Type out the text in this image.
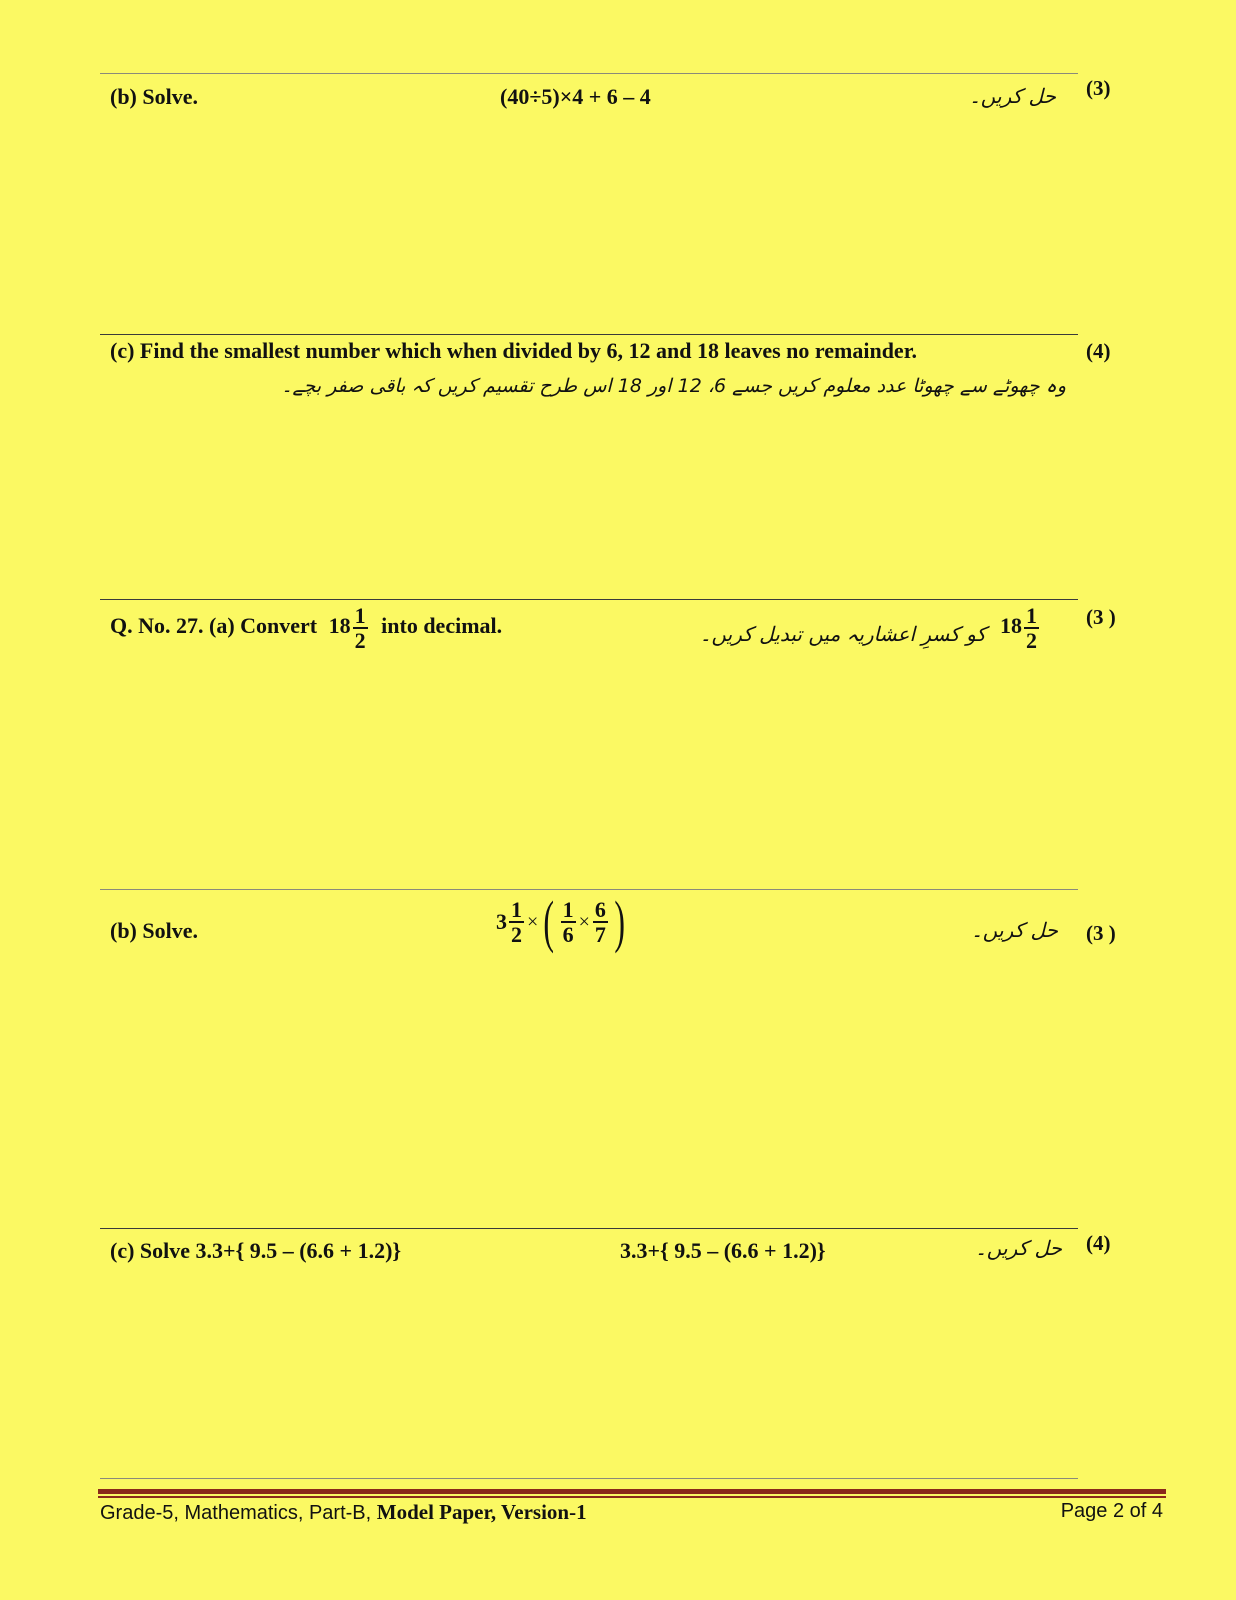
(b) Solve.	(40÷5)×4 + 6 – 4	حل کریں۔ (3)
(c) Find the smallest number which when divided by 6, 12 and 18 leaves no remainder.
وہ چھوٹے سے چھوٹا عدد معلوم کریں جسے 6، 12 اور 18 اس طرح تقسیم کریں کہ باقی صفر بچے۔
(4)
Q. No. 27. (a) Convert $18 \frac{1}{2}$ into decimal.	$18 \frac{1}{2}$
کو کسرِ اعشاریہ میں تبدیل کریں۔
(3 )
(b) Solve.	$3 \frac{1}{2}$ ×( $\frac{1}{6} \times \frac{6}{7}$ )	حل کریں۔ (3 )
(c) Solve 3.3+{ 9.5 – (6.6 + 1.2)}	3.3+{ 9.5 – (6.6 + 1.2)}	حل کریں۔ (4)
Grade-5, Mathematics, Part-B, Model Paper, Version-1	Page 2 of 4
